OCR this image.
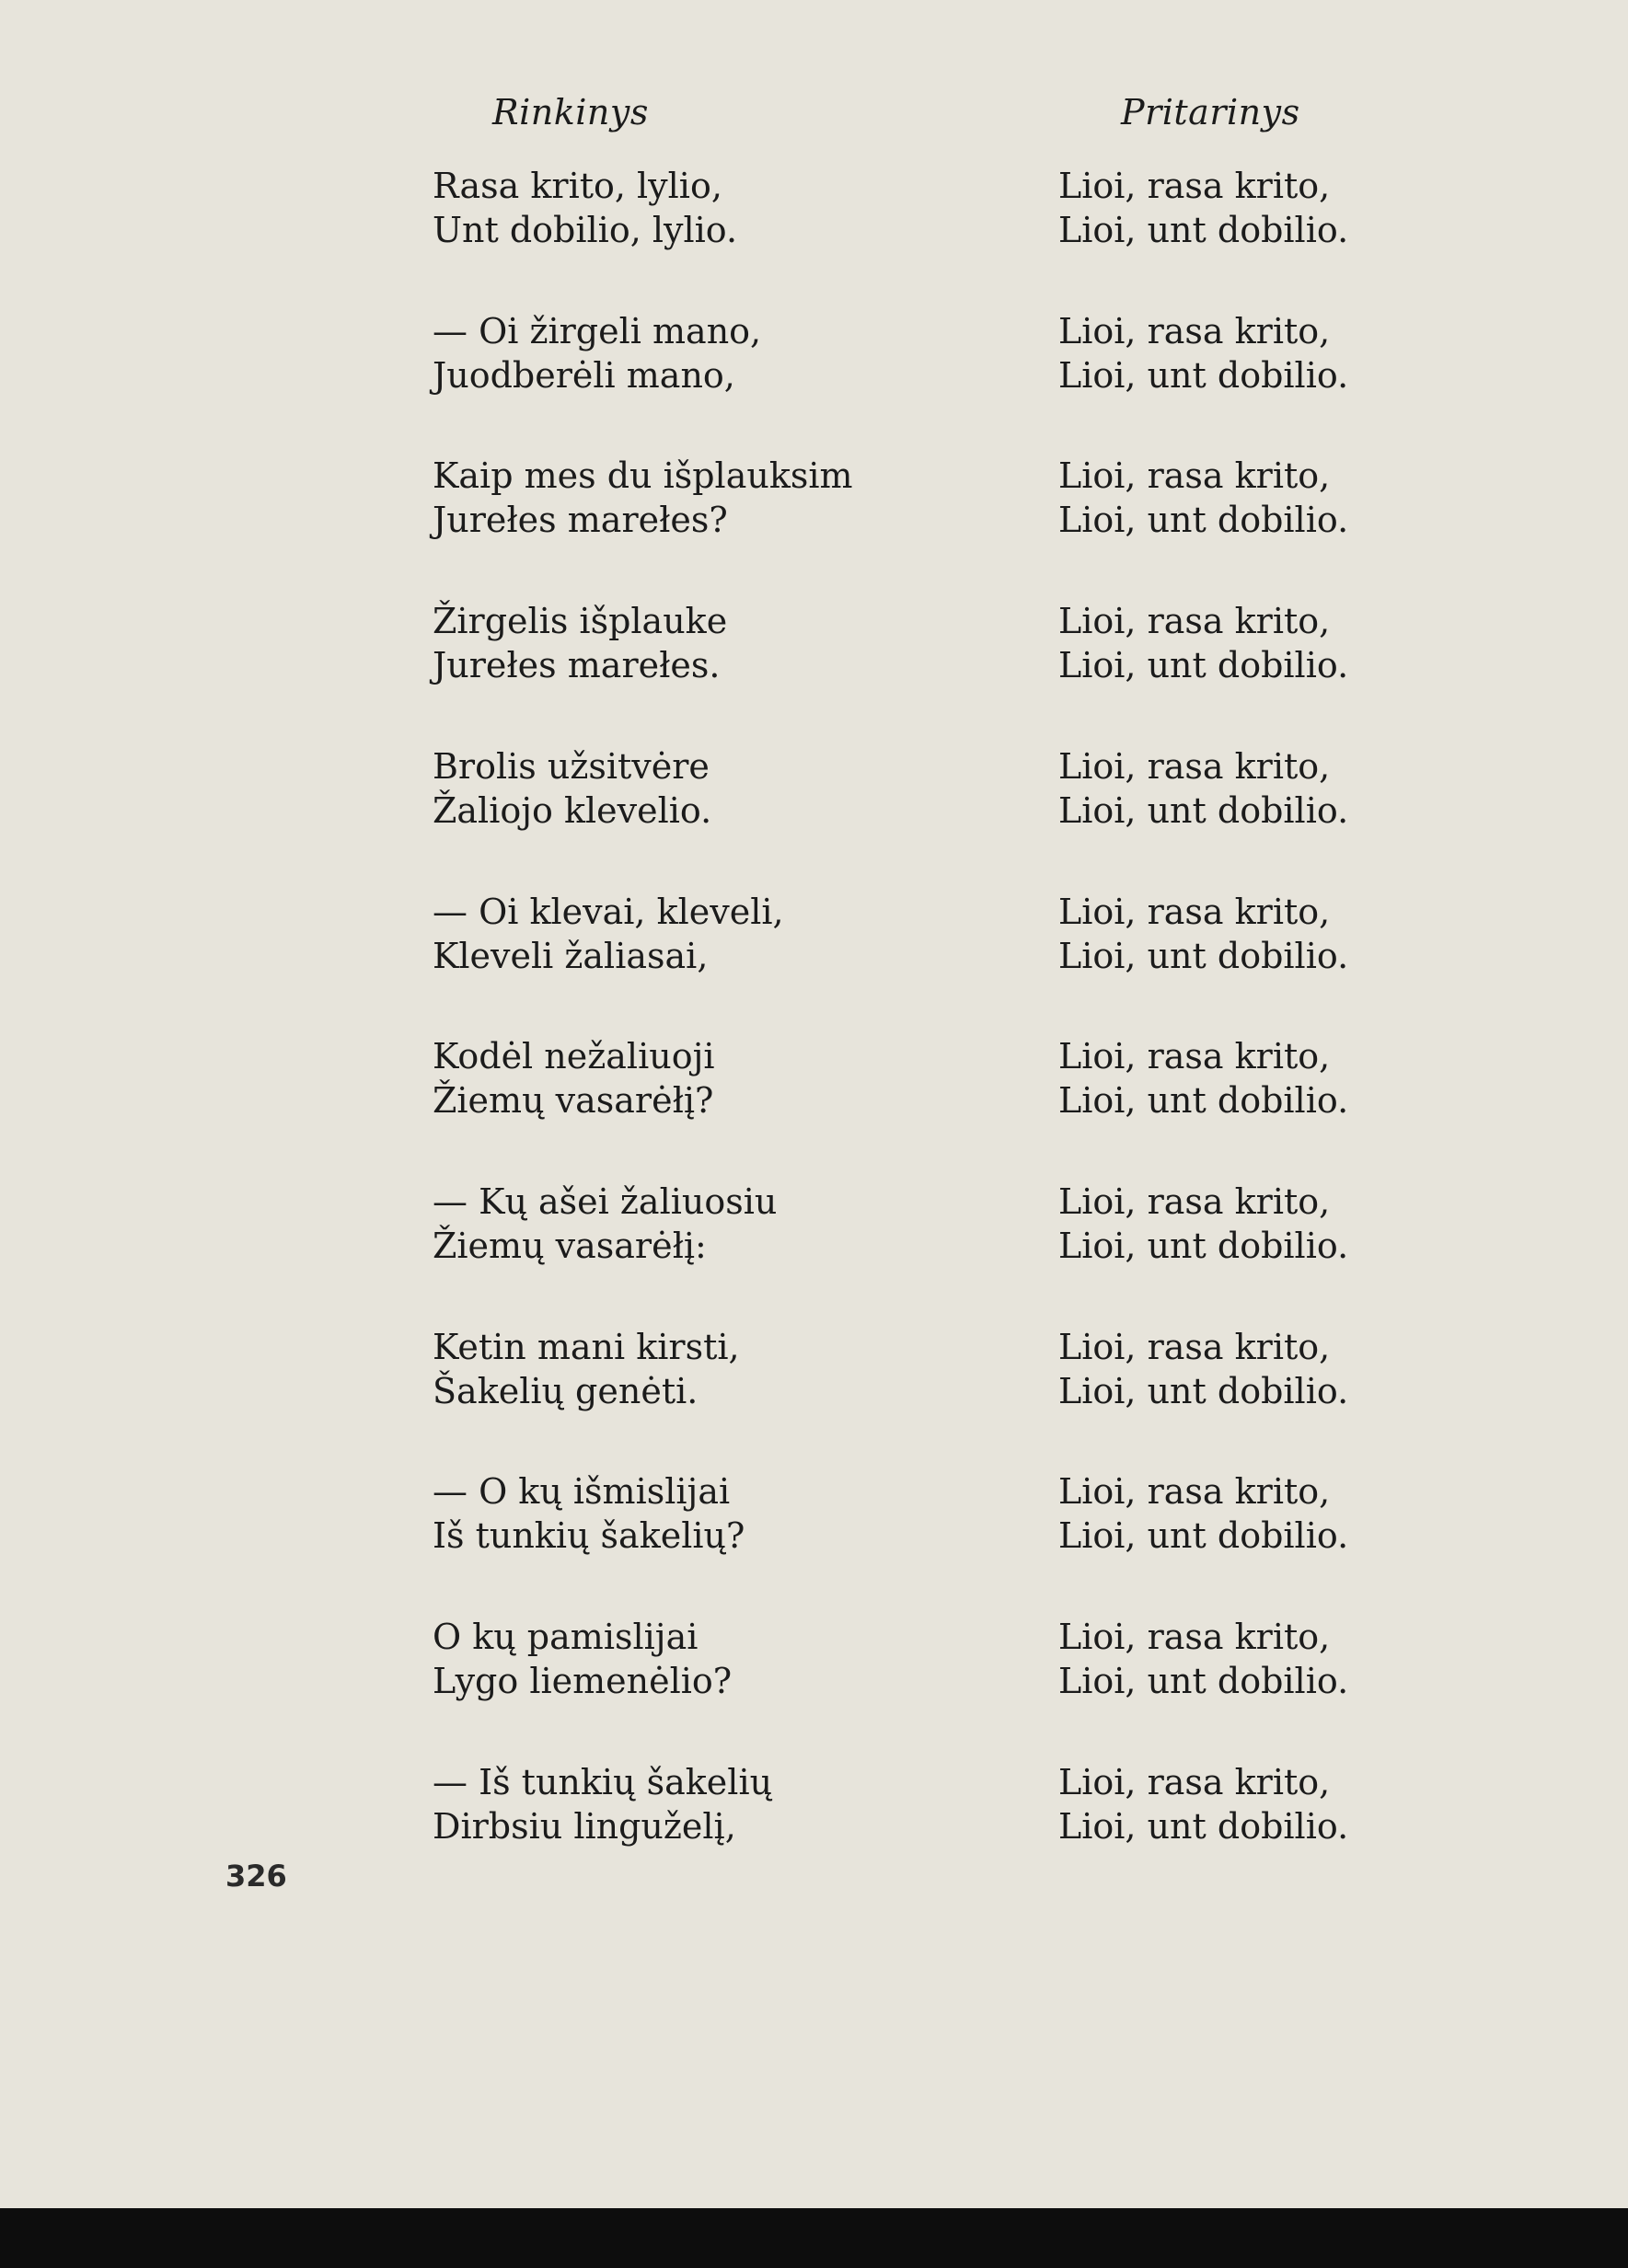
Rinkinys	Pritarinys
Rasa krito, lylio,
Unt dobilio, lylio.
Lioi, rasa krito,
Lioi, unt dobilio.
— Oi žirgeli mano,
Juodberėli mano,
Lioi, rasa krito,
Lioi, unt dobilio.
Kaip mes du išplauksim
Jurełes marełes?
Lioi, rasa krito,
Lioi, unt dobilio.
Žirgelis išplauke
Jurełes marełes.
Lioi, rasa krito,
Lioi, unt dobilio.
Brolis užsitvėre
Žaliojo klevelio.
Lioi, rasa krito,
Lioi, unt dobilio.
— Oi klevai, kleveli,
Kleveli žaliasai,
Lioi, rasa krito,
Lioi, unt dobilio.
Kodėl nežaliuoji
Žiemų vasarėłį?
Lioi, rasa krito,
Lioi, unt dobilio.
— Kų ašei žaliuosiu
Žiemų vasarėłį:
Lioi, rasa krito,
Lioi, unt dobilio.
Ketin mani kirsti,
Šakelių genėti.
Lioi, rasa krito,
Lioi, unt dobilio.
— O kų išmislijai
Iš tunkių šakelių?
Lioi, rasa krito,
Lioi, unt dobilio.
O kų pamislijai
Lygo liemenėlio?
Lioi, rasa krito,
Lioi, unt dobilio.
— Iš tunkių šakelių
Dirbsiu linguželį,
Lioi, rasa krito,
Lioi, unt dobilio.
326
